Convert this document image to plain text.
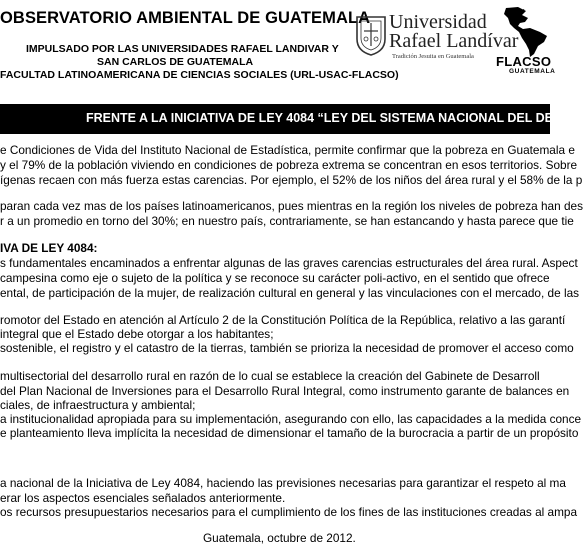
OBSERVATORIO AMBIENTAL DE GUATEMALA
IMPULSADO POR LAS UNIVERSIDADES RAFAEL LANDIVAR Y
SAN CARLOS DE GUATEMALA
FACULTAD LATINOAMERICANA DE CIENCIAS SOCIALES (URL-USAC-FLACSO)
Universidad
Rafael Landívar
Tradición Jesuita en Guatemala FLACSO
GUATEMALA
FRENTE A LA INICIATIVA DE LEY 4084 “LEY DEL SISTEMA NACIONAL DEL DESARR
e Condiciones de Vida del Instituto Nacional de Estadística, permite confirmar que la pobreza en Guatemala e
y el 79% de la población viviendo en condiciones de pobreza extrema se concentran en esos territorios. Sobre
ígenas recaen con más fuerza estas carencias. Por ejemplo, el 52% de los niños del área rural y el 58% de la p
paran cada vez mas de los países latinoamericanos, pues mientras en la región los niveles de pobreza han des
r a un promedio en torno del 30%; en nuestro país, contrariamente, se han estancando y hasta parece que tie
IVA DE LEY 4084:
s fundamentales encaminados a enfrentar algunas de las graves carencias estructurales del área rural. Aspect
campesina como eje o sujeto de la política y se reconoce su carácter poli-activo, en el sentido que ofrece
ental, de participación de la mujer, de realización cultural en general y las vinculaciones con el mercado, de las
romotor del Estado en atención al Artículo 2 de la Constitución Política de la República, relativo a las garantí
integral que el Estado debe otorgar a los habitantes;
sostenible, el registro y el catastro de la tierras, también se prioriza la necesidad de promover el acceso como
multisectorial del desarrollo rural en razón de lo cual se establece la creación del Gabinete de Desarroll
del Plan Nacional de Inversiones para el Desarrollo Rural Integral, como instrumento garante de balances en
ciales, de infraestructura y ambiental;
a institucionalidad apropiada para su implementación, asegurando con ello, las capacidades a la medida conce
e planteamiento lleva implícita la necesidad de dimensionar el tamaño de la burocracia a partir de un propósito
a nacional de la Iniciativa de Ley 4084, haciendo las previsiones necesarias para garantizar el respeto al ma
erar los aspectos esenciales señalados anteriormente.
os recursos presupuestarios necesarios para el cumplimiento de los fines de las instituciones creadas al ampa
Guatemala, octubre de 2012.
